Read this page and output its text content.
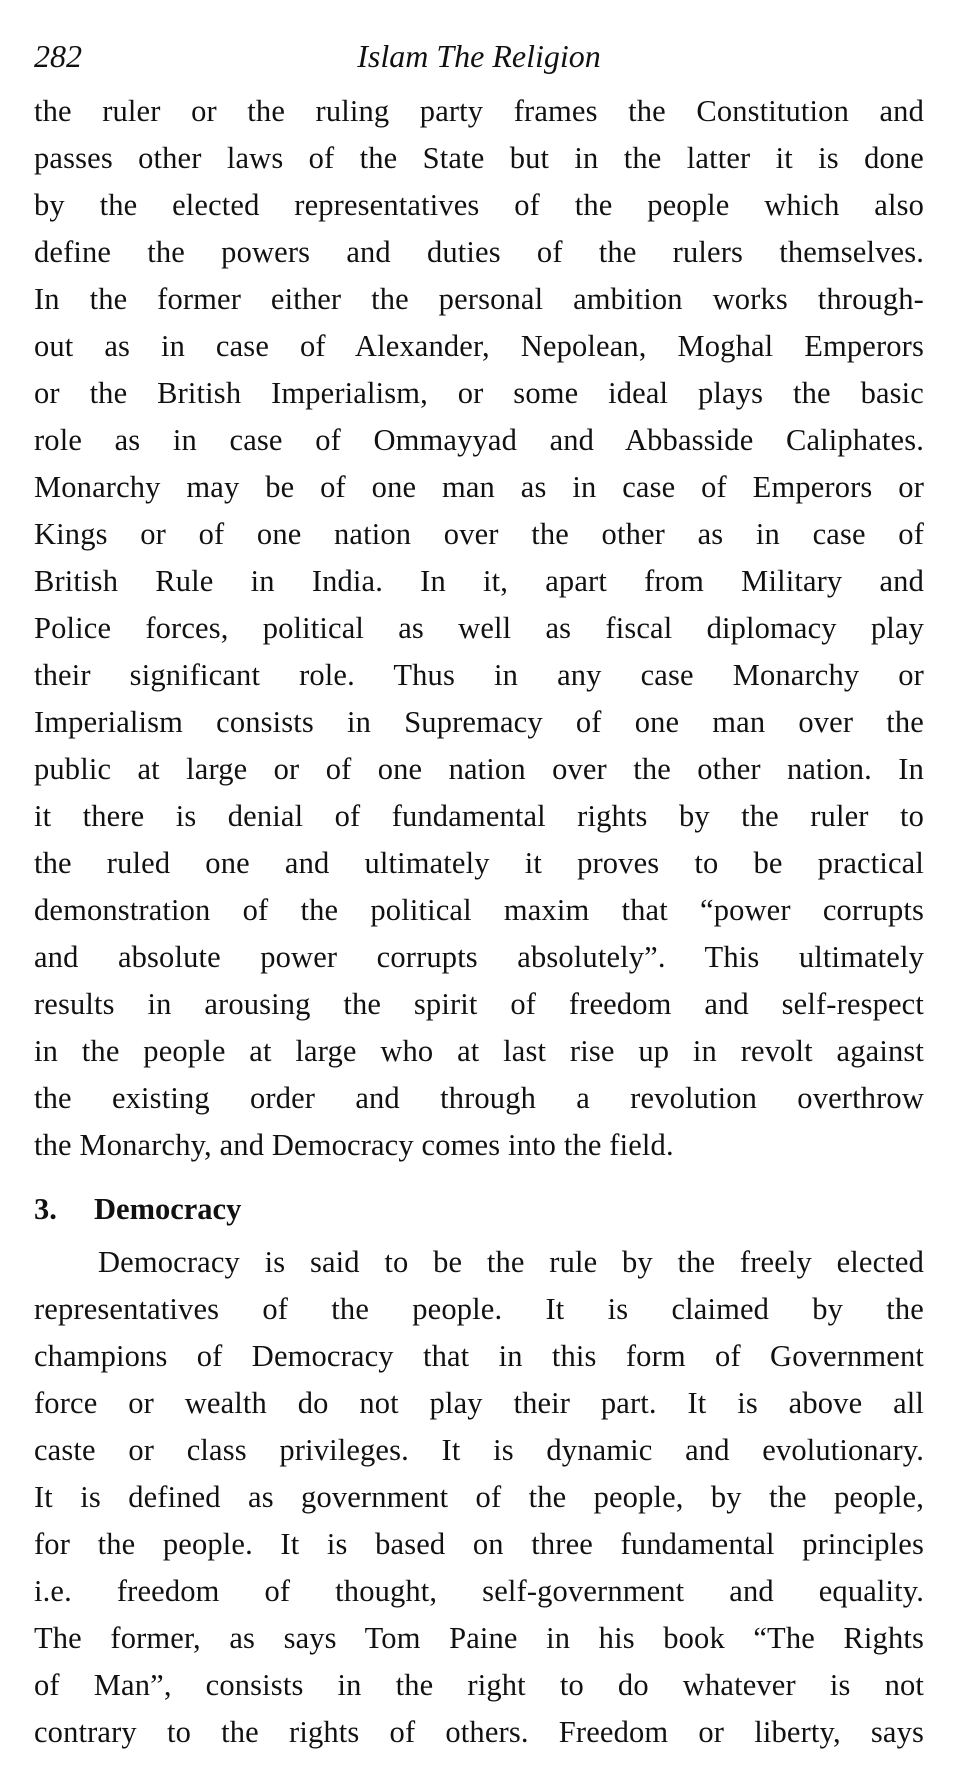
282	Islam The Religion
the ruler or the ruling party frames the Constitution and
passes other laws of the State but in the latter it is done
by the elected representatives of the people which also
define the powers and duties of the rulers themselves.
In the former either the personal ambition works through-
out as in case of Alexander, Nepolean, Moghal Emperors
or the British Imperialism, or some ideal plays the basic
role as in case of Ommayyad and Abbasside Caliphates.
Monarchy may be of one man as in case of Emperors or
Kings or of one nation over the other as in case of
British Rule in India. In it, apart from Military and
Police forces, political as well as fiscal diplomacy play
their significant role. Thus in any case Monarchy or
Imperialism consists in Supremacy of one man over the
public at large or of one nation over the other nation. In
it there is denial of fundamental rights by the ruler to
the ruled one and ultimately it proves to be practical
demonstration of the political maxim that “power corrupts
and absolute power corrupts absolutely”. This ultimately
results in arousing the spirit of freedom and self-respect
in the people at large who at last rise up in revolt against
the existing order and through a revolution overthrow
the Monarchy, and Democracy comes into the field.
3. Democracy
Democracy is said to be the rule by the freely elected
representatives of the people. It is claimed by the
champions of Democracy that in this form of Government
force or wealth do not play their part. It is above all
caste or class privileges. It is dynamic and evolutionary.
It is defined as government of the people, by the people,
for the people. It is based on three fundamental principles
i.e. freedom of thought, self-government and equality.
The former, as says Tom Paine in his book “The Rights
of Man”, consists in the right to do whatever is not
contrary to the rights of others. Freedom or liberty, says
